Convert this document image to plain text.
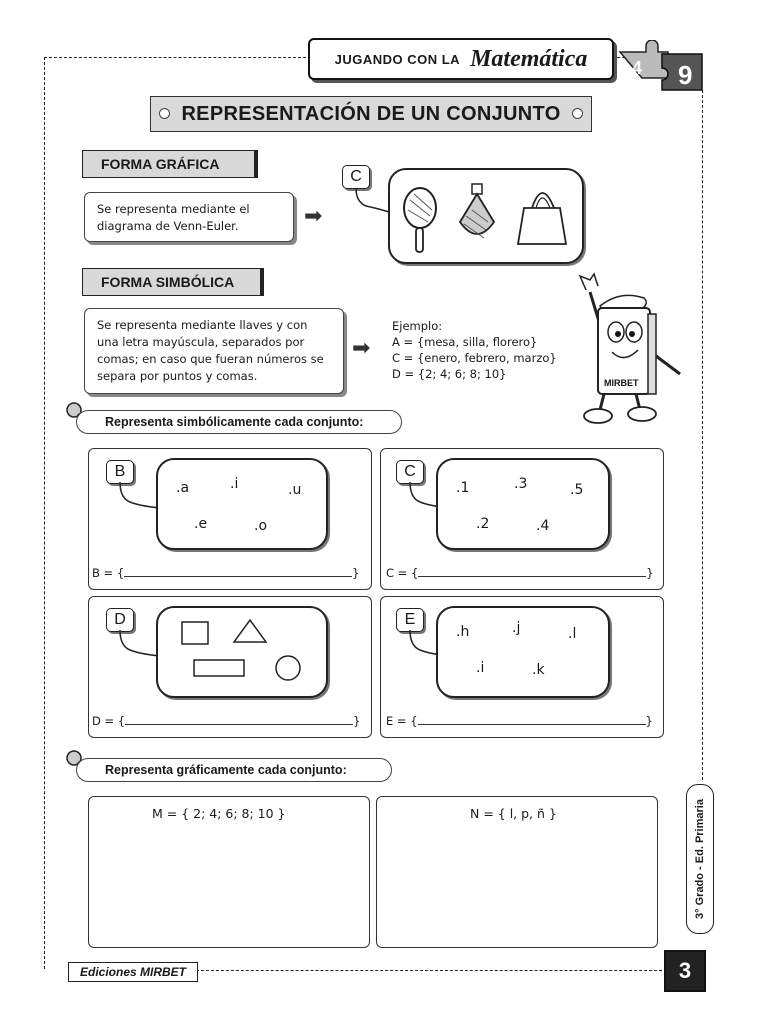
JUGANDO CON LA Matemática
9
4
REPRESENTACIÓN DE UN CONJUNTO
FORMA GRÁFICA
Se representa mediante el diagrama de Venn-Euler.	➡
C
FORMA SIMBÓLICA
Se representa mediante llaves y con una letra mayúscula, separados por comas; en caso que fueran números se separa por puntos y comas.
➡
Ejemplo:
A = {mesa, silla, florero}
C = {enero, febrero, marzo}
D = {2; 4; 6; 8; 10}
MIRBET
Representa simbólicamente cada conjunto:
B
.a	.i	.u
.e	.o
B = {	}
C
.1	.3	.5
.2	.4
C = {	}
D
D = {	}
E
.h	.j	.l
.i	.k
E = {	}
Representa gráficamente cada conjunto:
M = { 2; 4; 6; 8; 10 }	N = { l, p, ñ }	3° Grado - Ed. Primaria
Ediciones MIRBET	3
